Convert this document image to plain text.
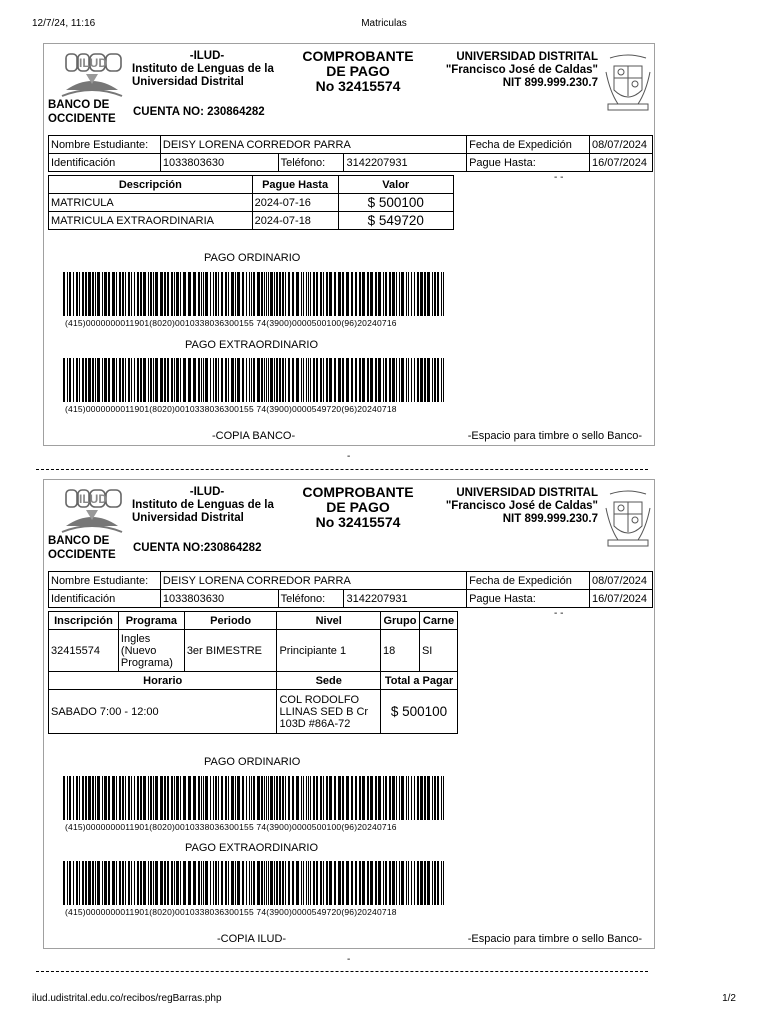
12/7/24, 11:16	Matriculas
ILUD	-ILUD-
Instituto de Lenguas de la
Universidad Distrital
BANCO DE
OCCIDENTE
CUENTA NO: 230864282
COMPROBANTE
DE PAGO
No 32415574
UNIVERSIDAD DISTRITAL
"Francisco José de Caldas"
NIT 899.999.230.7
Nombre Estudiante:	DEISY LORENA CORREDOR PARRA			Fecha de Expedición	08/07/2024
Identificación	1033803630	Teléfono:	3142207931	Pague Hasta:	16/07/2024
Descripción	Pague Hasta	Valor
MATRICULA	2024-07-16	$ 500100
MATRICULA EXTRAORDINARIA	2024-07-18	$ 549720
- -
PAGO ORDINARIO
(415)0000000011901(8020)0010338036300155 74(3900)0000500100(96)20240716
PAGO EXTRAORDINARIO
(415)0000000011901(8020)0010338036300155 74(3900)0000549720(96)20240718
-COPIA BANCO-	-Espacio para timbre o sello Banco-
-
ILUD	-ILUD-
Instituto de Lenguas de la
Universidad Distrital
BANCO DE
OCCIDENTE
CUENTA NO:230864282
COMPROBANTE
DE PAGO
No 32415574
UNIVERSIDAD DISTRITAL
"Francisco José de Caldas"
NIT 899.999.230.7
Nombre Estudiante:	DEISY LORENA CORREDOR PARRA			Fecha de Expedición	08/07/2024
Identificación	1033803630	Teléfono:	3142207931	Pague Hasta:	16/07/2024
- -
Inscripción	Programa	Periodo	Nivel	Grupo	Carne
32415574	Ingles (Nuevo Programa)	3er BIMESTRE	Principiante 1	18	SI
Horario			Sede	Total a Pagar	
SABADO 7:00 - 12:00			COL RODOLFO LLINAS SED B Cr 103D #86A-72	$ 500100	
PAGO ORDINARIO
(415)0000000011901(8020)0010338036300155 74(3900)0000500100(96)20240716
PAGO EXTRAORDINARIO
(415)0000000011901(8020)0010338036300155 74(3900)0000549720(96)20240718
-COPIA ILUD-	-Espacio para timbre o sello Banco-
-
ilud.udistrital.edu.co/recibos/regBarras.php	1/2
